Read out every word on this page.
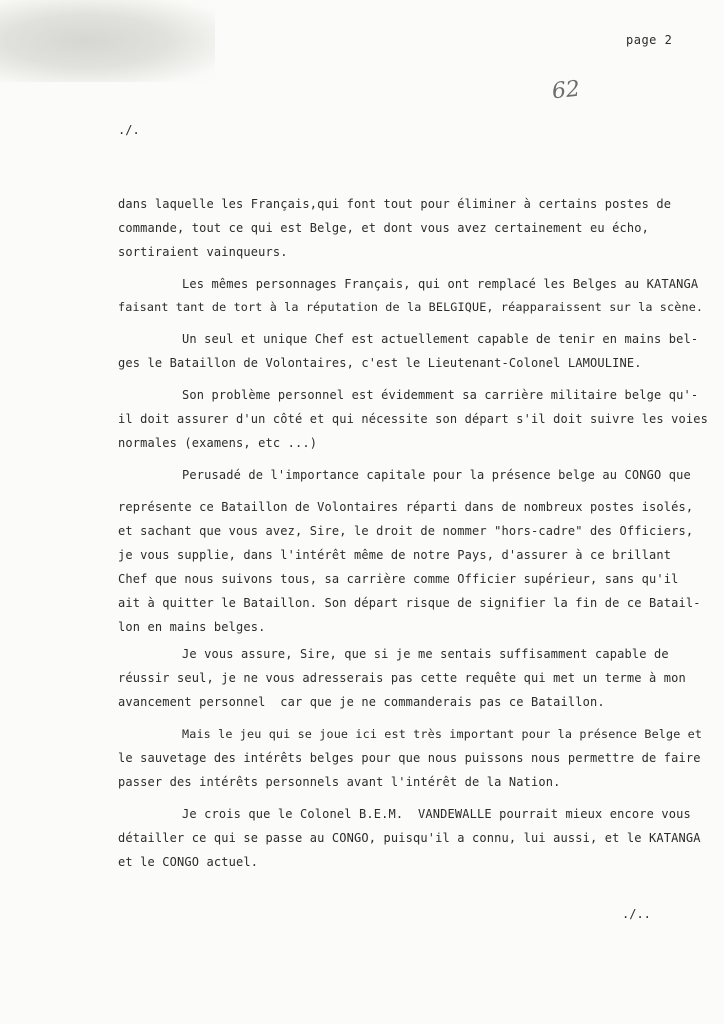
page 2
62
./.
dans laquelle les Français,qui font tout pour éliminer à certains postes de
commande, tout ce qui est Belge, et dont vous avez certainement eu écho,
sortiraient vainqueurs.
Les mêmes personnages Français, qui ont remplacé les Belges au KATANGA
faisant tant de tort à la réputation de la BELGIQUE, réapparaissent sur la scène.
Un seul et unique Chef est actuellement capable de tenir en mains bel-
ges le Bataillon de Volontaires, c'est le Lieutenant-Colonel LAMOULINE.
Son problème personnel est évidemment sa carrière militaire belge qu'-
il doit assurer d'un côté et qui nécessite son départ s'il doit suivre les voies
normales (examens, etc ...)
Perusadé de l'importance capitale pour la présence belge au CONGO que
représente ce Bataillon de Volontaires réparti dans de nombreux postes isolés,
et sachant que vous avez, Sire, le droit de nommer "hors-cadre" des Officiers,
je vous supplie, dans l'intérêt même de notre Pays, d'assurer à ce brillant
Chef que nous suivons tous, sa carrière comme Officier supérieur, sans qu'il
ait à quitter le Bataillon. Son départ risque de signifier la fin de ce Batail-
lon en mains belges.
Je vous assure, Sire, que si je me sentais suffisamment capable de
réussir seul, je ne vous adresserais pas cette requête qui met un terme à mon
avancement personnel  car que je ne commanderais pas ce Bataillon.
Mais le jeu qui se joue ici est très important pour la présence Belge et
le sauvetage des intérêts belges pour que nous puissons nous permettre de faire
passer des intérêts personnels avant l'intérêt de la Nation.
Je crois que le Colonel B.E.M.  VANDEWALLE pourrait mieux encore vous
détailler ce qui se passe au CONGO, puisqu'il a connu, lui aussi, et le KATANGA
et le CONGO actuel.
./..
